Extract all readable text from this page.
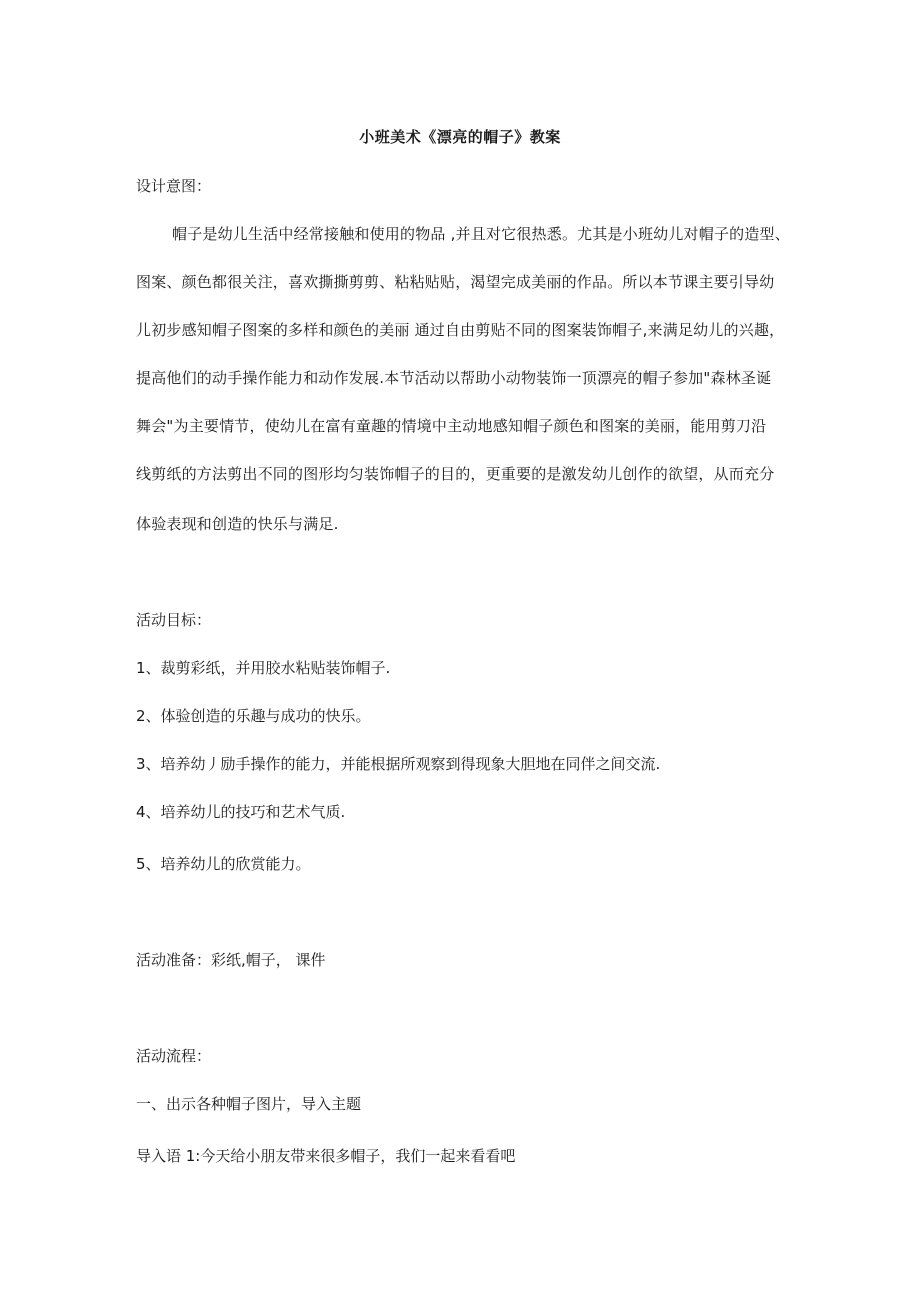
小班美术《漂亮的帽子》教案
设计意图：
帽子是幼儿生活中经常接触和使用的物品 ,并且对它很热悉。尤其是小班幼儿对帽子的造型、
图案、颜色都很关注，喜欢撕撕剪剪、粘粘贴贴，渴望完成美丽的作品。所以本节课主要引导幼
儿初步感知帽子图案的多样和颜色的美丽 通过自由剪贴不同的图案装饰帽子,来满足幼儿的兴趣，
提高他们的动手操作能力和动作发展.本节活动以帮助小动物装饰一顶漂亮的帽子参加"森林圣诞
舞会"为主要情节，使幼儿在富有童趣的情境中主动地感知帽子颜色和图案的美丽，能用剪刀沿
线剪纸的方法剪出不同的图形均匀装饰帽子的目的，更重要的是激发幼儿创作的欲望，从而充分
体验表现和创造的快乐与满足.
活动目标：
1、裁剪彩纸，并用胶水粘贴装饰帽子.
2、体验创造的乐趣与成功的快乐。
3、培养幼丿励手操作的能力，并能根据所观察到得现象大胆地在同伴之间交流.
4、培养幼儿的技巧和艺术气质.
5、培养幼儿的欣赏能力。
活动准备：彩纸,帽子， 课件
活动流程：
一、出示各种帽子图片，导入主题
导入语 1:今天给小朋友带来很多帽子，我们一起来看看吧
